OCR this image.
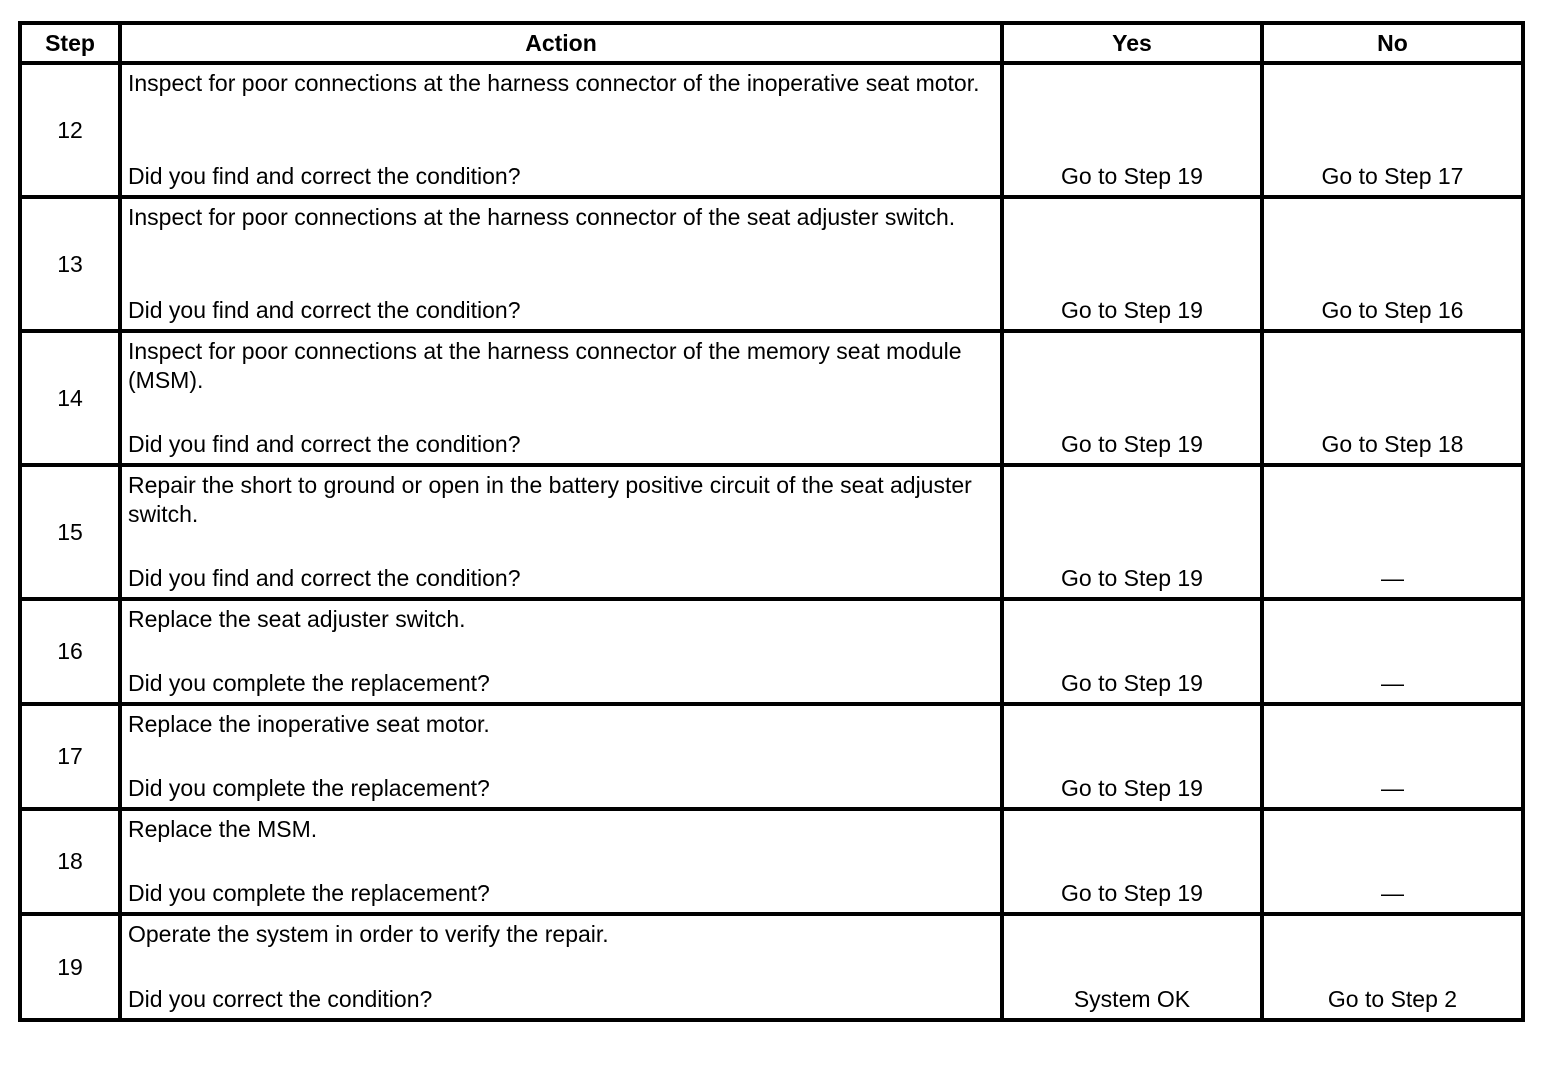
Step	Action	Yes	No
12	Inspect for poor connections at the harness connector of the inoperative seat motor.
Did you find and correct the condition?	Go to Step 19	Go to Step 17

13	Inspect for poor connections at the harness connector of the seat adjuster switch.
Did you find and correct the condition?	Go to Step 19	Go to Step 16

14	Inspect for poor connections at the harness connector of the memory seat module (MSM).
Did you find and correct the condition?	Go to Step 19	Go to Step 18

15	Repair the short to ground or open in the battery positive circuit of the seat adjuster switch.
Did you find and correct the condition?	Go to Step 19	—

16	Replace the seat adjuster switch.
Did you complete the replacement?	Go to Step 19	—

17	Replace the inoperative seat motor.
Did you complete the replacement?	Go to Step 19	—

18	Replace the MSM.
Did you complete the replacement?	Go to Step 19	—

19	Operate the system in order to verify the repair.
Did you correct the condition?	System OK	Go to Step 2
